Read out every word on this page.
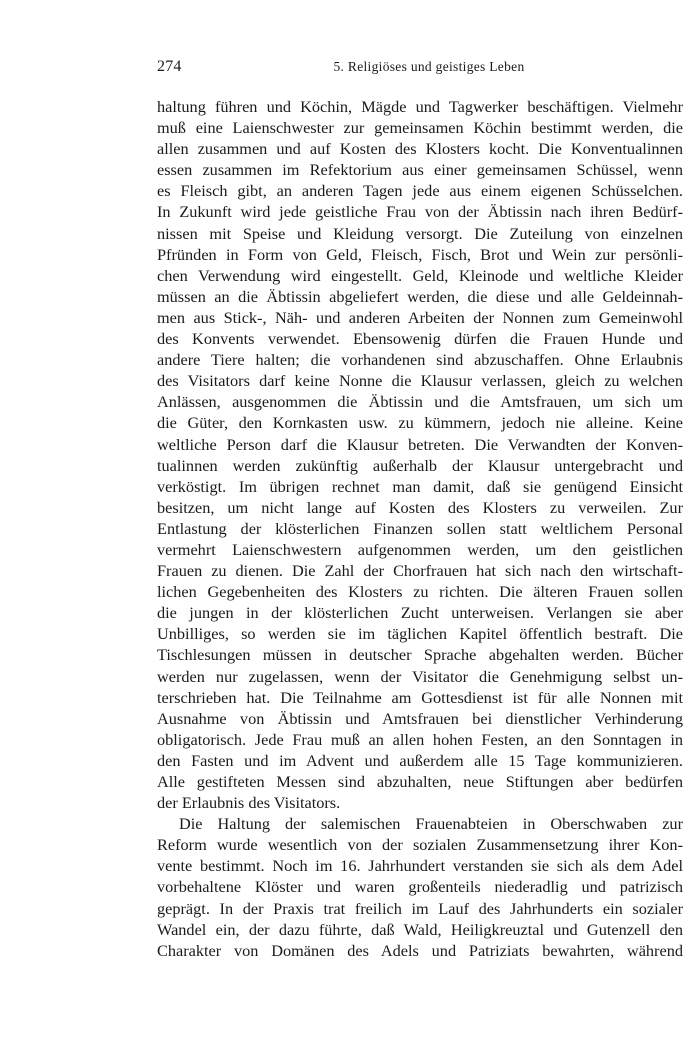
274	5. Religiöses und geistiges Leben
haltung führen und Köchin, Mägde und Tagwerker beschäftigen. Vielmehr
muß eine Laienschwester zur gemeinsamen Köchin bestimmt werden, die
allen zusammen und auf Kosten des Klosters kocht. Die Konventualinnen
essen zusammen im Refektorium aus einer gemeinsamen Schüssel, wenn
es Fleisch gibt, an anderen Tagen jede aus einem eigenen Schüsselchen.
In Zukunft wird jede geistliche Frau von der Äbtissin nach ihren Bedürf-
nissen mit Speise und Kleidung versorgt. Die Zuteilung von einzelnen
Pfründen in Form von Geld, Fleisch, Fisch, Brot und Wein zur persönli-
chen Verwendung wird eingestellt. Geld, Kleinode und weltliche Kleider
müssen an die Äbtissin abgeliefert werden, die diese und alle Geldeinnah-
men aus Stick-, Näh- und anderen Arbeiten der Nonnen zum Gemeinwohl
des Konvents verwendet. Ebensowenig dürfen die Frauen Hunde und
andere Tiere halten; die vorhandenen sind abzuschaffen. Ohne Erlaubnis
des Visitators darf keine Nonne die Klausur verlassen, gleich zu welchen
Anlässen, ausgenommen die Äbtissin und die Amtsfrauen, um sich um
die Güter, den Kornkasten usw. zu kümmern, jedoch nie alleine. Keine
weltliche Person darf die Klausur betreten. Die Verwandten der Konven-
tualinnen werden zukünftig außerhalb der Klausur untergebracht und
verköstigt. Im übrigen rechnet man damit, daß sie genügend Einsicht
besitzen, um nicht lange auf Kosten des Klosters zu verweilen. Zur
Entlastung der klösterlichen Finanzen sollen statt weltlichem Personal
vermehrt Laienschwestern aufgenommen werden, um den geistlichen
Frauen zu dienen. Die Zahl der Chorfrauen hat sich nach den wirtschaft-
lichen Gegebenheiten des Klosters zu richten. Die älteren Frauen sollen
die jungen in der klösterlichen Zucht unterweisen. Verlangen sie aber
Unbilliges, so werden sie im täglichen Kapitel öffentlich bestraft. Die
Tischlesungen müssen in deutscher Sprache abgehalten werden. Bücher
werden nur zugelassen, wenn der Visitator die Genehmigung selbst un-
terschrieben hat. Die Teilnahme am Gottesdienst ist für alle Nonnen mit
Ausnahme von Äbtissin und Amtsfrauen bei dienstlicher Verhinderung
obligatorisch. Jede Frau muß an allen hohen Festen, an den Sonntagen in
den Fasten und im Advent und außerdem alle 15 Tage kommunizieren.
Alle gestifteten Messen sind abzuhalten, neue Stiftungen aber bedürfen
der Erlaubnis des Visitators.
Die Haltung der salemischen Frauenabteien in Oberschwaben zur
Reform wurde wesentlich von der sozialen Zusammensetzung ihrer Kon-
vente bestimmt. Noch im 16. Jahrhundert verstanden sie sich als dem Adel
vorbehaltene Klöster und waren großenteils niederadlig und patrizisch
geprägt. In der Praxis trat freilich im Lauf des Jahrhunderts ein sozialer
Wandel ein, der dazu führte, daß Wald, Heiligkreuztal und Gutenzell den
Charakter von Domänen des Adels und Patriziats bewahrten, während
